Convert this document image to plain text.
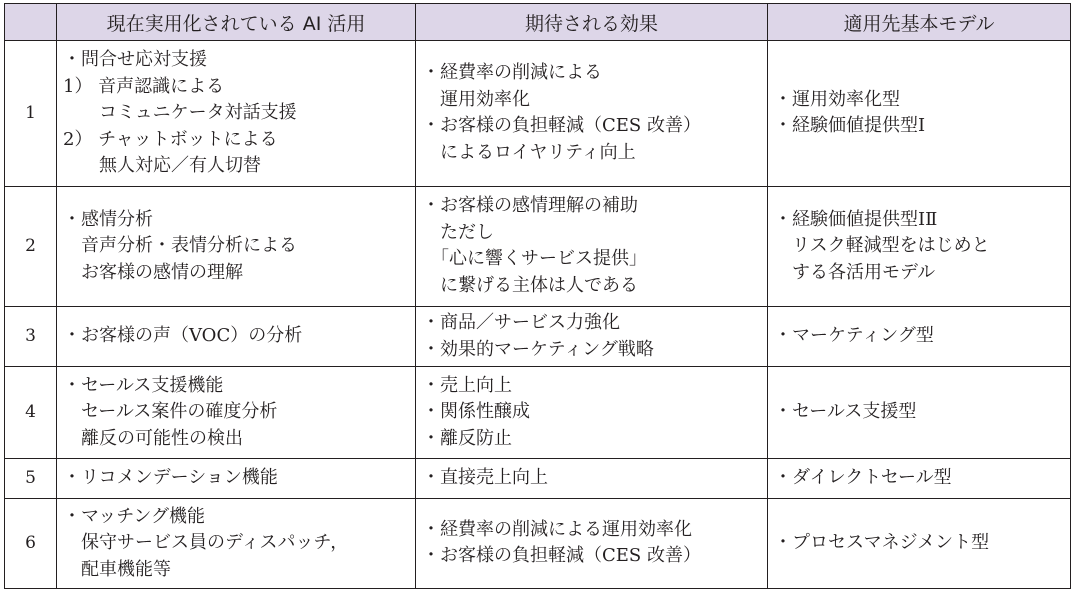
	現在実用化されている AI 活用	期待される効果	適用先基本モデル
1	・問合せ応対支援
1） 音声認識による
　　コミュニケータ対話支援
2） チャットボットによる
　　無人対応／有人切替	・経費率の削減による
　運用効率化
・お客様の負担軽減（CES 改善）
　によるロイヤリティ向上	・運用効率化型
・経験価値提供型Ⅰ

2	・感情分析
　音声分析・表情分析による
　お客様の感情の理解	・お客様の感情理解の補助
　ただし
　「心に響くサービス提供」
　に繋げる主体は人である	・経験価値提供型ⅠⅡ
　リスク軽減型をはじめと
　する各活用モデル

3	・お客様の声（VOC）の分析	・商品／サービス力強化
・効果的マーケティング戦略	・マーケティング型

4	・セールス支援機能
　セールス案件の確度分析
　離反の可能性の検出	・売上向上
・関係性醸成
・離反防止	・セールス支援型

5	・リコメンデーション機能	・直接売上向上	・ダイレクトセール型

6	・マッチング機能
　保守サービス員のディスパッチ，
　配車機能等	・経費率の削減による運用効率化
・お客様の負担軽減（CES 改善）	・プロセスマネジメント型
